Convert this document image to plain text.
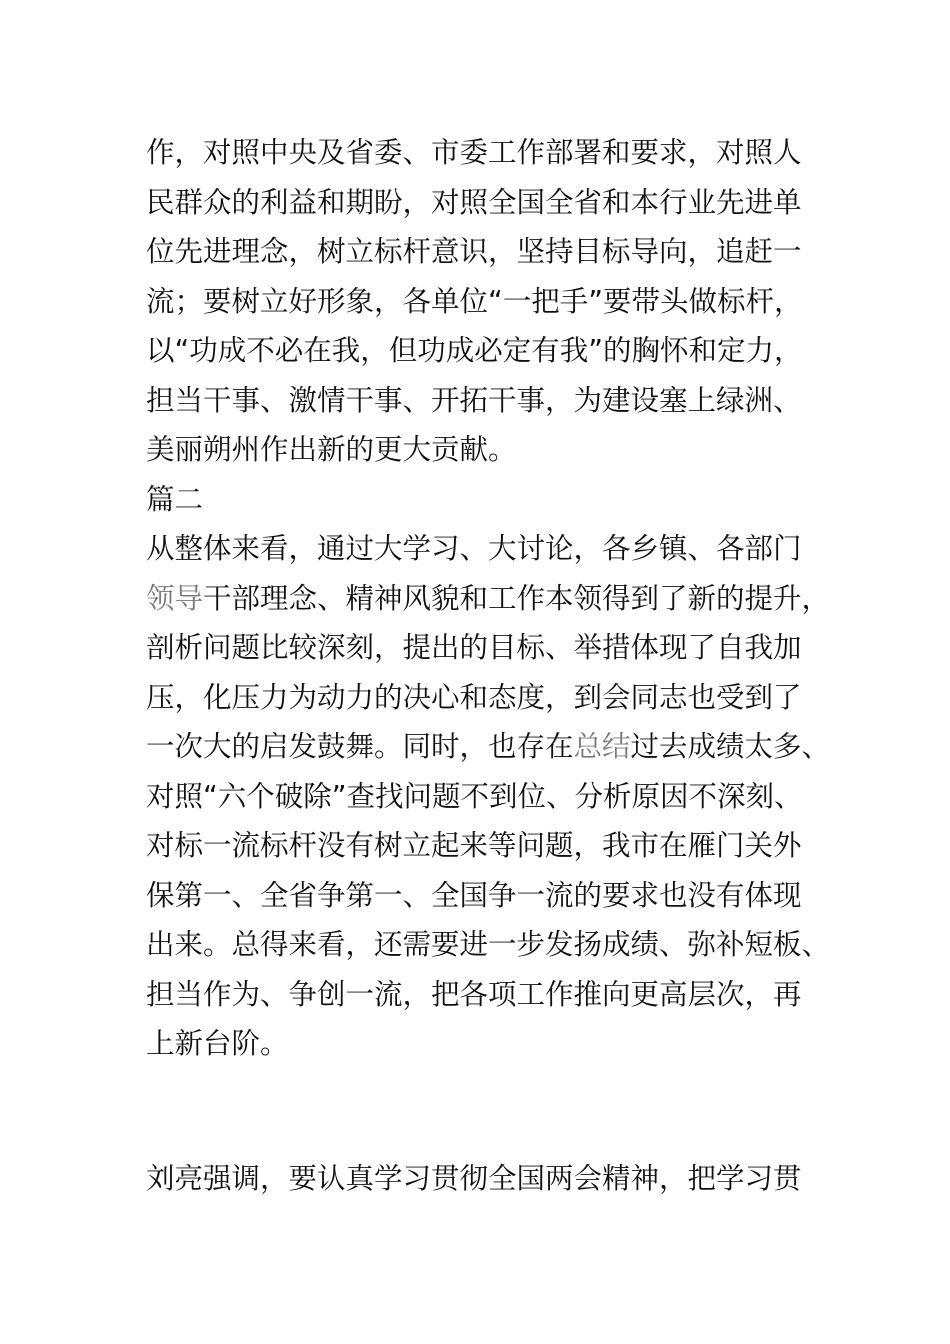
作，对照中央及省委、市委工作部署和要求，对照人
民群众的利益和期盼，对照全国全省和本行业先进单
位先进理念，树立标杆意识，坚持目标导向，追赶一
流；要树立好形象，各单位“一把手”要带头做标杆，
以“功成不必在我，但功成必定有我”的胸怀和定力，
担当干事、激情干事、开拓干事，为建设塞上绿洲、
美丽朔州作出新的更大贡献。
篇二
从整体来看，通过大学习、大讨论，各乡镇、各部门
领导干部理念、精神风貌和工作本领得到了新的提升，
剖析问题比较深刻，提出的目标、举措体现了自我加
压，化压力为动力的决心和态度，到会同志也受到了
一次大的启发鼓舞。同时，也存在总结过去成绩太多、
对照“六个破除”查找问题不到位、分析原因不深刻、
对标一流标杆没有树立起来等问题，我市在雁门关外
保第一、全省争第一、全国争一流的要求也没有体现
出来。总得来看，还需要进一步发扬成绩、弥补短板、
担当作为、争创一流，把各项工作推向更高层次，再
上新台阶。
刘亮强调，要认真学习贯彻全国两会精神，把学习贯
